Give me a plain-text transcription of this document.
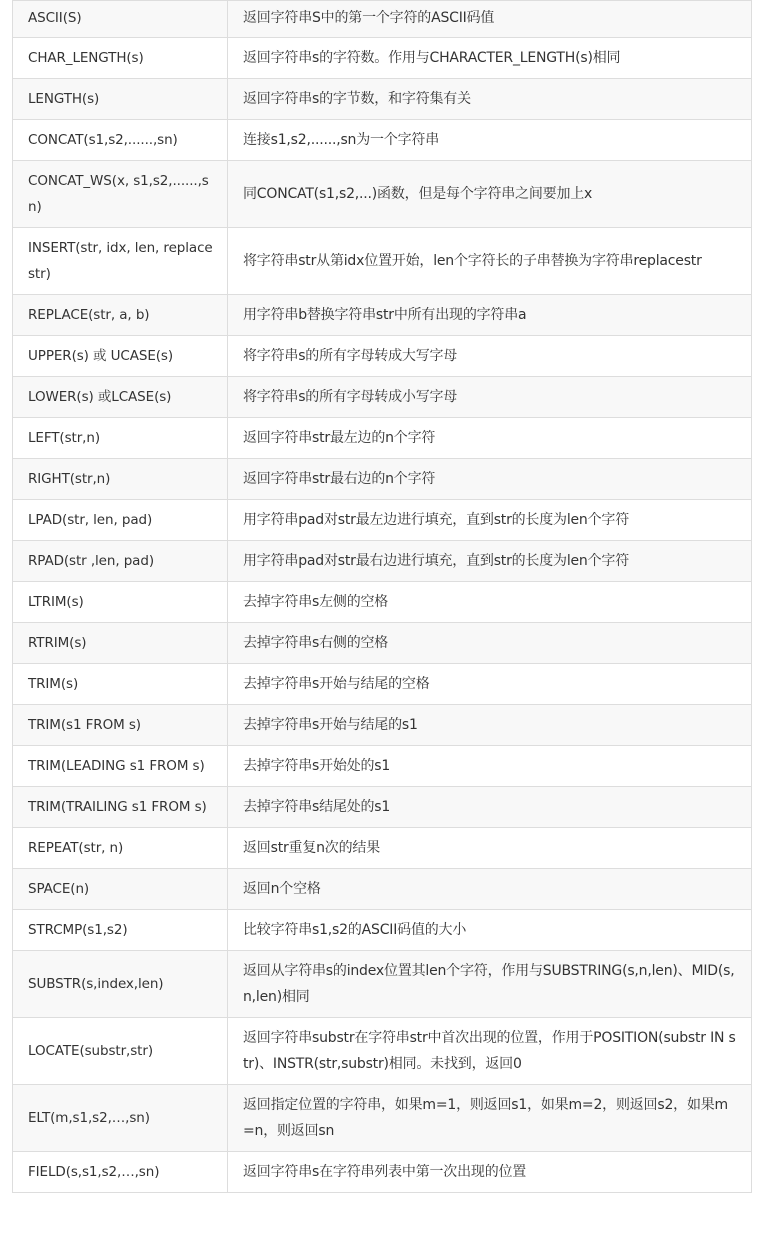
ASCII(S)	返回字符串S中的第一个字符的ASCII码值
CHAR_LENGTH(s)	返回字符串s的字符数。作用与CHARACTER_LENGTH(s)相同
LENGTH(s)	返回字符串s的字节数，和字符集有关
CONCAT(s1,s2,......,sn)	连接s1,s2,......,sn为一个字符串
CONCAT_WS(x, s1,s2,......,sn)	同CONCAT(s1,s2,...)函数，但是每个字符串之间要加上x
INSERT(str, idx, len, replacestr)	将字符串str从第idx位置开始，len个字符长的子串替换为字符串replacestr
REPLACE(str, a, b)	用字符串b替换字符串str中所有出现的字符串a
UPPER(s) 或 UCASE(s)	将字符串s的所有字母转成大写字母
LOWER(s) 或LCASE(s)	将字符串s的所有字母转成小写字母
LEFT(str,n)	返回字符串str最左边的n个字符
RIGHT(str,n)	返回字符串str最右边的n个字符
LPAD(str, len, pad)	用字符串pad对str最左边进行填充，直到str的长度为len个字符
RPAD(str ,len, pad)	用字符串pad对str最右边进行填充，直到str的长度为len个字符
LTRIM(s)	去掉字符串s左侧的空格
RTRIM(s)	去掉字符串s右侧的空格
TRIM(s)	去掉字符串s开始与结尾的空格
TRIM(s1 FROM s)	去掉字符串s开始与结尾的s1
TRIM(LEADING s1 FROM s)	去掉字符串s开始处的s1
TRIM(TRAILING s1 FROM s)	去掉字符串s结尾处的s1
REPEAT(str, n)	返回str重复n次的结果
SPACE(n)	返回n个空格
STRCMP(s1,s2)	比较字符串s1,s2的ASCII码值的大小
SUBSTR(s,index,len)	返回从字符串s的index位置其len个字符，作用与SUBSTRING(s,n,len)、MID(s,n,len)相同
LOCATE(substr,str)	返回字符串substr在字符串str中首次出现的位置，作用于POSITION(substr IN str)、INSTR(str,substr)相同。未找到，返回0
ELT(m,s1,s2,…,sn)	返回指定位置的字符串，如果m=1，则返回s1，如果m=2，则返回s2，如果m=n，则返回sn
FIELD(s,s1,s2,…,sn)	返回字符串s在字符串列表中第一次出现的位置
